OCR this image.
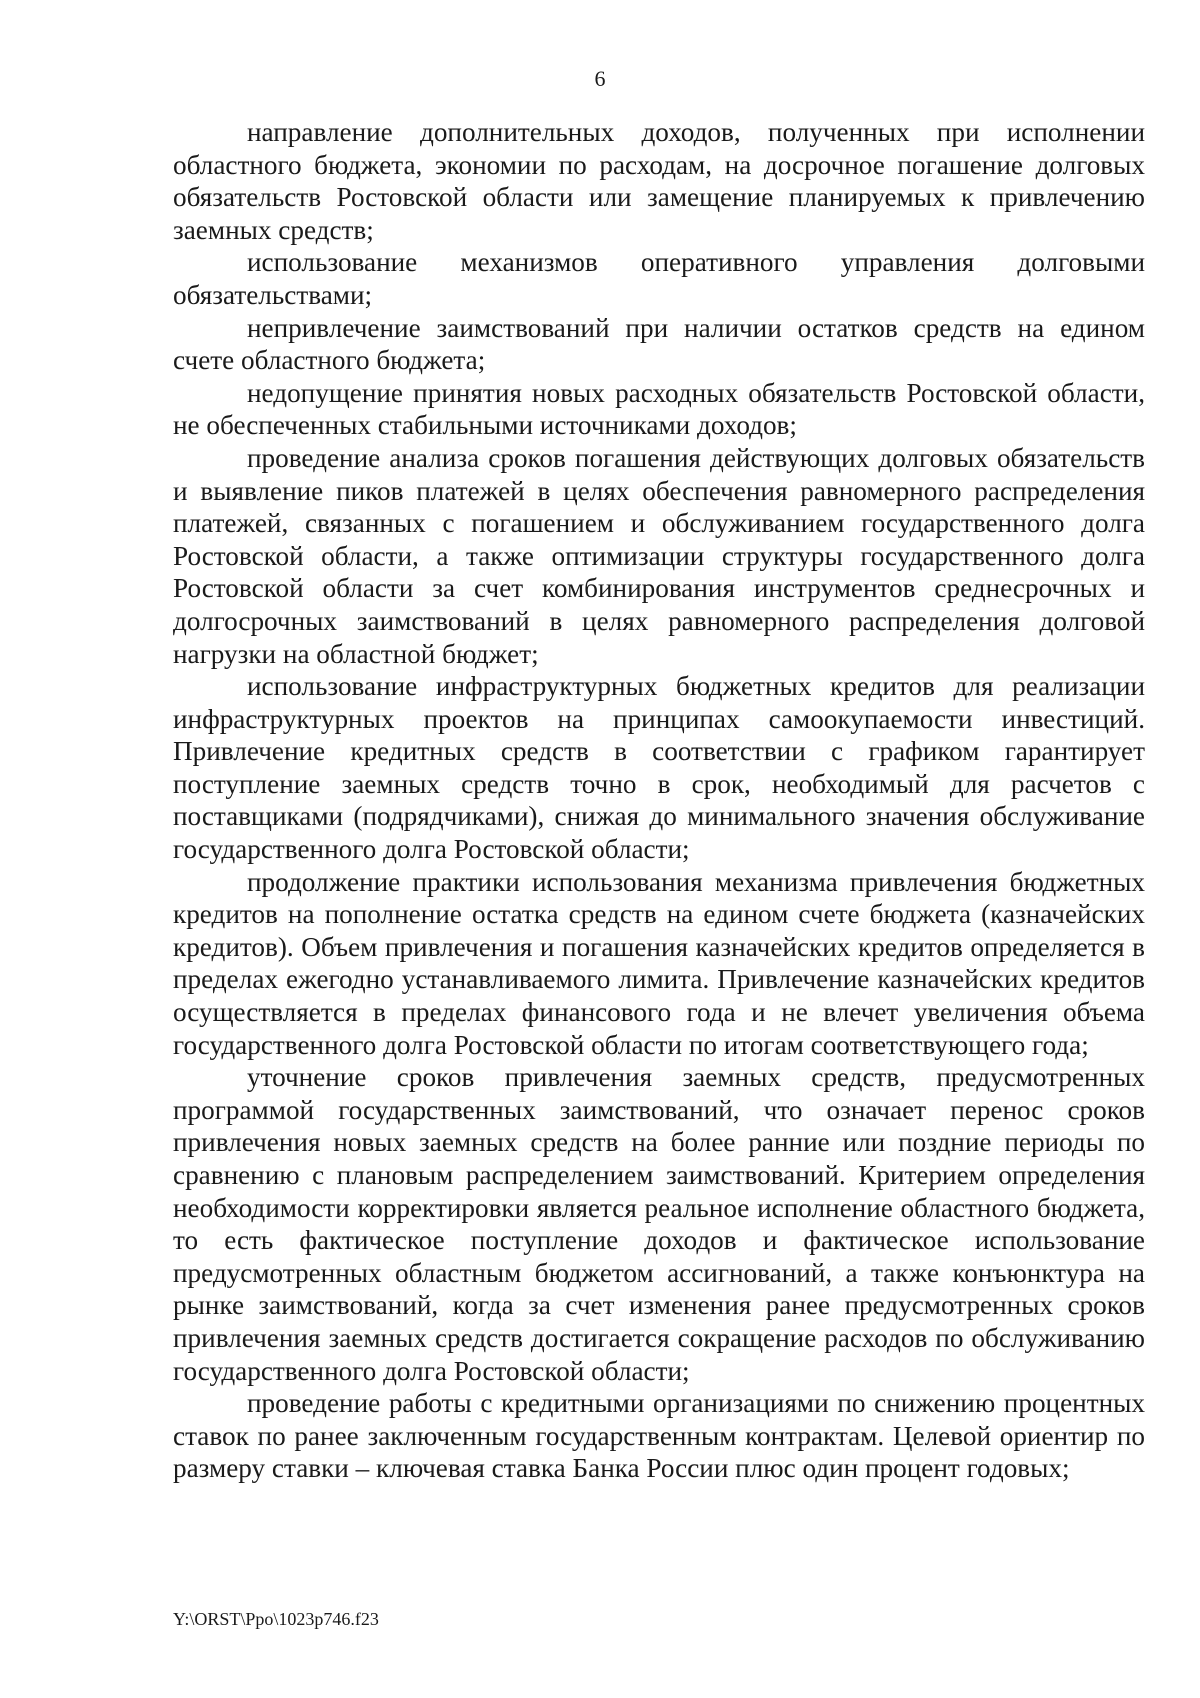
6

направление дополнительных доходов, полученных при исполнении областного бюджета, экономии по расходам, на досрочное погашение долговых обязательств Ростовской области или замещение планируемых к привлечению заемных средств;

использование механизмов оперативного управления долговыми обязательствами;

непривлечение заимствований при наличии остатков средств на едином счете областного бюджета;

недопущение принятия новых расходных обязательств Ростовской области, не обеспеченных стабильными источниками доходов;

проведение анализа сроков погашения действующих долговых обязательств и выявление пиков платежей в целях обеспечения равномерного распределения платежей, связанных с погашением и обслуживанием государственного долга Ростовской области, а также оптимизации структуры государственного долга Ростовской области за счет комбинирования инструментов среднесрочных и долгосрочных заимствований в целях равномерного распределения долговой нагрузки на областной бюджет;

использование инфраструктурных бюджетных кредитов для реализации инфраструктурных проектов на принципах самоокупаемости инвестиций. Привлечение кредитных средств в соответствии с графиком гарантирует поступление заемных средств точно в срок, необходимый для расчетов с поставщиками (подрядчиками), снижая до минимального значения обслуживание государственного долга Ростовской области;

продолжение практики использования механизма привлечения бюджетных кредитов на пополнение остатка средств на едином счете бюджета (казначейских кредитов). Объем привлечения и погашения казначейских кредитов определяется в пределах ежегодно устанавливаемого лимита. Привлечение казначейских кредитов осуществляется в пределах финансового года и не влечет увеличения объема государственного долга Ростовской области по итогам соответствующего года;

уточнение сроков привлечения заемных средств, предусмотренных программой государственных заимствований, что означает перенос сроков привлечения новых заемных средств на более ранние или поздние периоды по сравнению с плановым распределением заимствований. Критерием определения необходимости корректировки является реальное исполнение областного бюджета, то есть фактическое поступление доходов и фактическое использование предусмотренных областным бюджетом ассигнований, а также конъюнктура на рынке заимствований, когда за счет изменения ранее предусмотренных сроков привлечения заемных средств достигается сокращение расходов по обслуживанию государственного долга Ростовской области;

проведение работы с кредитными организациями по снижению процентных ставок по ранее заключенным государственным контрактам. Целевой ориентир по размеру ставки – ключевая ставка Банка России плюс один процент годовых;

Y:\ORST\Ppo\1023p746.f23
